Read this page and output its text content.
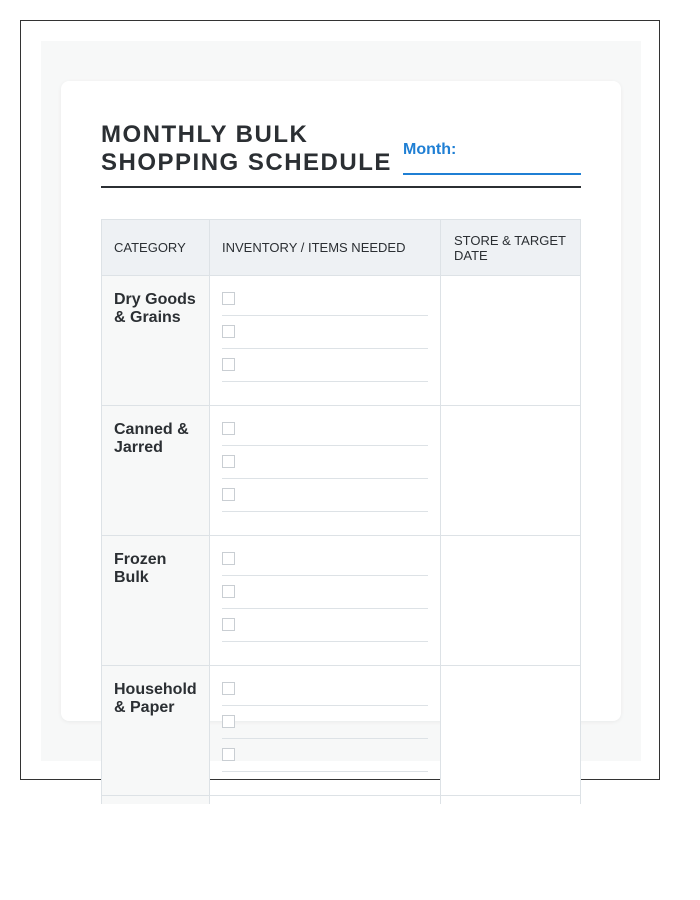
MONTHLY BULK
SHOPPING SCHEDULE Month:
CATEGORY	INVENTORY / ITEMS NEEDED	STORE & TARGET DATE
Dry Goods & Grains
Canned & Jarred
Frozen Bulk
Household & Paper
